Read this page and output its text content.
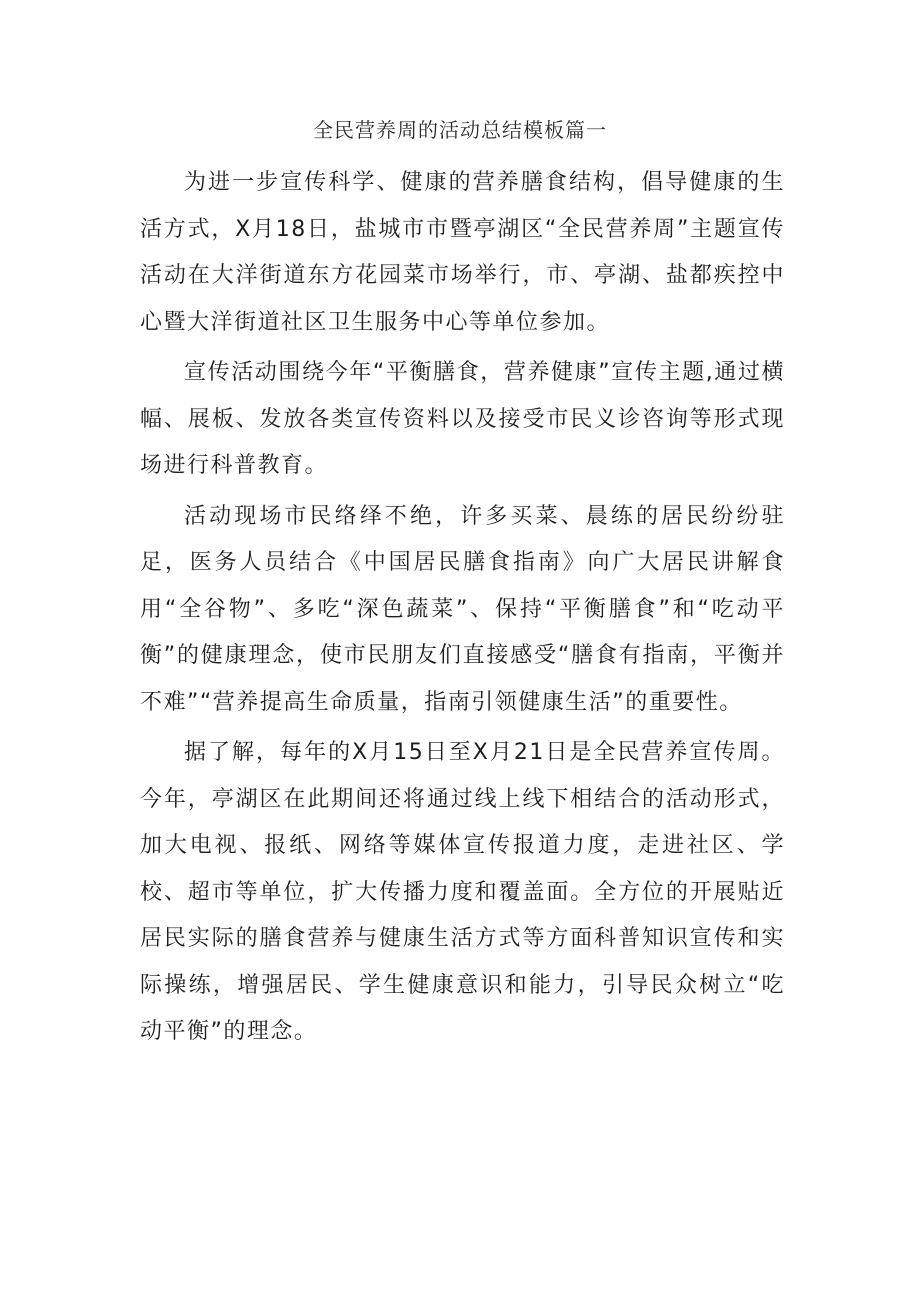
全民营养周的活动总结模板篇一

为进一步宣传科学、健康的营养膳食结构，倡导健康的生活方式，X月18日，盐城市市暨亭湖区“全民营养周”主题宣传活动在大洋街道东方花园菜市场举行，市、亭湖、盐都疾控中心暨大洋街道社区卫生服务中心等单位参加。

宣传活动围绕今年“平衡膳食，营养健康”宣传主题,通过横幅、展板、发放各类宣传资料以及接受市民义诊咨询等形式现场进行科普教育。

活动现场市民络绎不绝，许多买菜、晨练的居民纷纷驻足，医务人员结合《中国居民膳食指南》向广大居民讲解食用“全谷物”、多吃“深色蔬菜”、保持“平衡膳食”和“吃动平衡”的健康理念，使市民朋友们直接感受“膳食有指南，平衡并不难”“营养提高生命质量，指南引领健康生活”的重要性。

据了解，每年的X月15日至X月21日是全民营养宣传周。今年，亭湖区在此期间还将通过线上线下相结合的活动形式，加大电视、报纸、网络等媒体宣传报道力度，走进社区、学校、超市等单位，扩大传播力度和覆盖面。全方位的开展贴近居民实际的膳食营养与健康生活方式等方面科普知识宣传和实际操练，增强居民、学生健康意识和能力，引导民众树立“吃动平衡”的理念。
